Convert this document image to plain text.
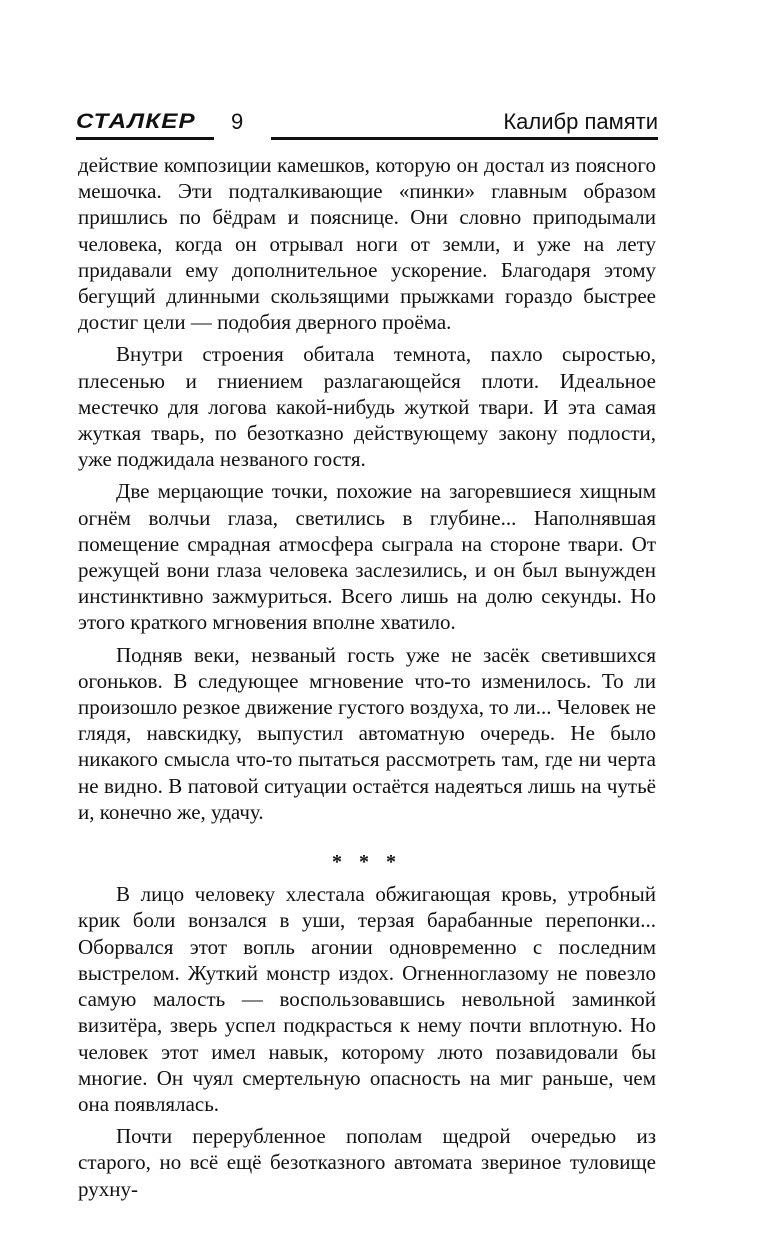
СТАЛКЕР 9	Калибр памяти

действие композиции камешков, которую он достал из поясного мешочка. Эти подталкивающие «пинки» главным образом пришлись по бёдрам и пояснице. Они словно приподымали человека, когда он отрывал ноги от земли, и уже на лету придавали ему дополнительное ускорение. Благодаря этому бегущий длинными скользящими прыжками гораздо быстрее достиг цели — подобия дверного проёма.

Внутри строения обитала темнота, пахло сыростью, плесенью и гниением разлагающейся плоти. Идеальное местечко для логова какой-нибудь жуткой твари. И эта самая жуткая тварь, по безотказно действующему закону подлости, уже поджидала незваного гостя.

Две мерцающие точки, похожие на загоревшиеся хищным огнём волчьи глаза, светились в глубине... Наполнявшая помещение смрадная атмосфера сыграла на стороне твари. От режущей вони глаза человека заслезились, и он был вынужден инстинктивно зажмуриться. Всего лишь на долю секунды. Но этого краткого мгновения вполне хватило.

Подняв веки, незваный гость уже не засёк светившихся огоньков. В следующее мгновение что-то изменилось. То ли произошло резкое движение густого воздуха, то ли... Человек не глядя, навскидку, выпустил автоматную очередь. Не было никакого смысла что-то пытаться рассмотреть там, где ни черта не видно. В патовой ситуации остаётся надеяться лишь на чутьё и, конечно же, удачу.

* * *

В лицо человеку хлестала обжигающая кровь, утробный крик боли вонзался в уши, терзая барабанные перепонки... Оборвался этот вопль агонии одновременно с последним выстрелом. Жуткий монстр издох. Огненноглазому не повезло самую малость — воспользовавшись невольной заминкой визитёра, зверь успел подкрасться к нему почти вплотную. Но человек этот имел навык, которому люто позавидовали бы многие. Он чуял смертельную опасность на миг раньше, чем она появлялась.

Почти перерубленное пополам щедрой очередью из старого, но всё ещё безотказного автомата звериное туловище рухну-
